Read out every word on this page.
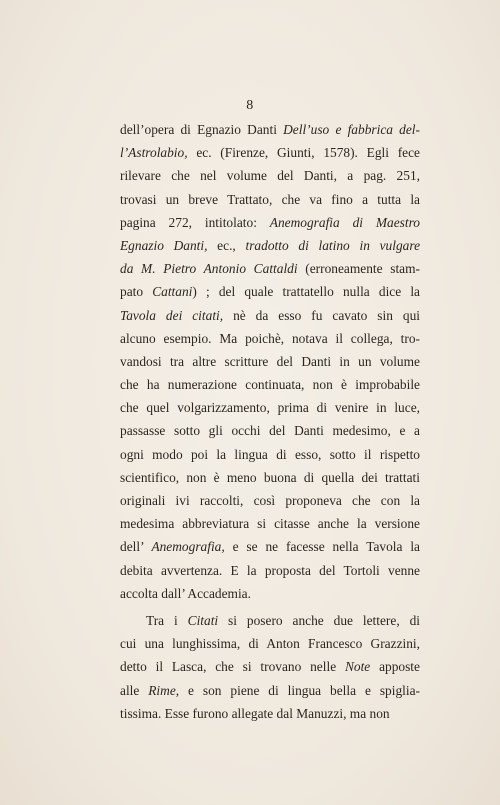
8
dell’opera di Egnazio Danti Dell’uso e fabbrica del-
l’Astrolabio, ec. (Firenze, Giunti, 1578). Egli fece
rilevare che nel volume del Danti, a pag. 251,
trovasi un breve Trattato, che va fino a tutta la
pagina 272, intitolato: Anemografia di Maestro
Egnazio Danti, ec., tradotto di latino in vulgare
da M. Pietro Antonio Cattaldi (erroneamente stam-
pato Cattani) ; del quale trattatello nulla dice la
Tavola dei citati, nè da esso fu cavato sin qui
alcuno esempio. Ma poichè, notava il collega, tro-
vandosi tra altre scritture del Danti in un volume
che ha numerazione continuata, non è improbabile
che quel volgarizzamento, prima di venire in luce,
passasse sotto gli occhi del Danti medesimo, e a
ogni modo poi la lingua di esso, sotto il rispetto
scientifico, non è meno buona di quella dei trattati
originali ivi raccolti, così proponeva che con la
medesima abbreviatura si citasse anche la versione
dell’ Anemografia, e se ne facesse nella Tavola la
debita avvertenza. E la proposta del Tortoli venne
accolta dall’ Accademia.
Tra i Citati si posero anche due lettere, di
cui una lunghissima, di Anton Francesco Grazzini,
detto il Lasca, che si trovano nelle Note apposte
alle Rime, e son piene di lingua bella e spiglia-
tissima. Esse furono allegate dal Manuzzi, ma non
